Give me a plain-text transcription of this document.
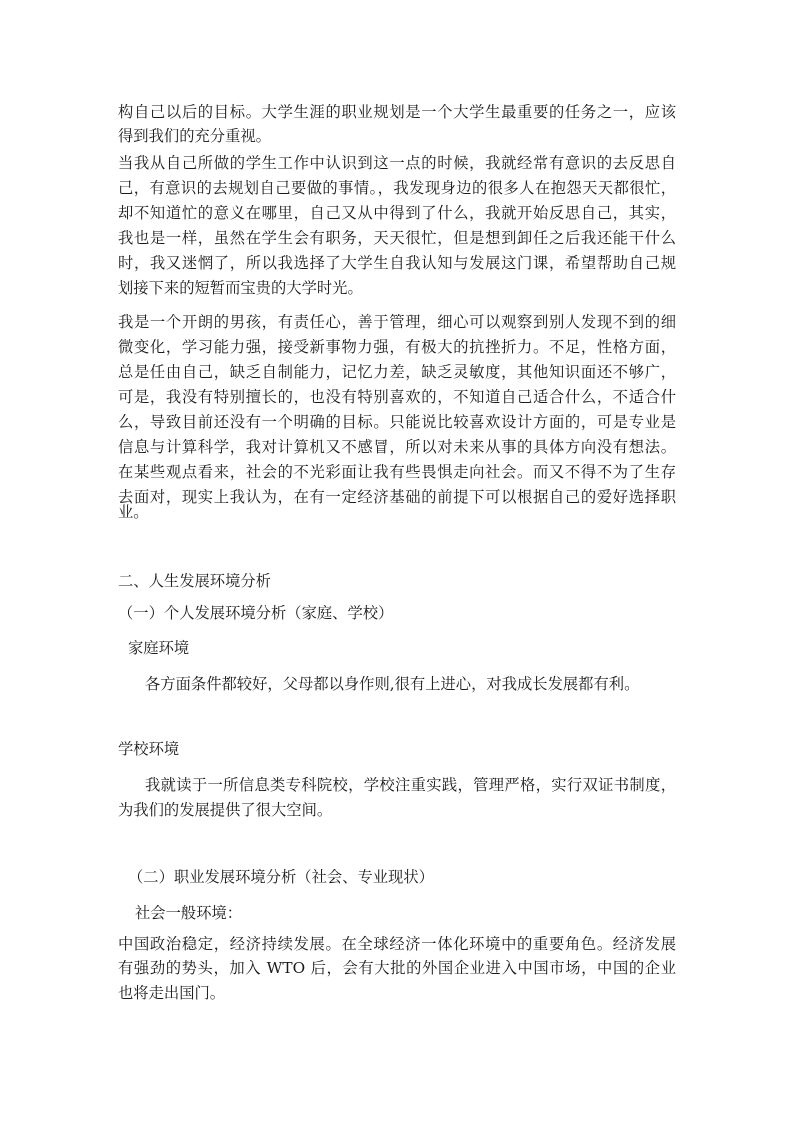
构自己以后的目标。大学生涯的职业规划是一个大学生最重要的任务之一，应该
得到我们的充分重视。
当我从自己所做的学生工作中认识到这一点的时候，我就经常有意识的去反思自
己，有意识的去规划自己要做的事情。，我发现身边的很多人在抱怨天天都很忙，
却不知道忙的意义在哪里，自己又从中得到了什么，我就开始反思自己，其实，
我也是一样，虽然在学生会有职务，天天很忙，但是想到卸任之后我还能干什么
时，我又迷惘了，所以我选择了大学生自我认知与发展这门课，希望帮助自己规
划接下来的短暂而宝贵的大学时光。
我是一个开朗的男孩，有责任心，善于管理，细心可以观察到别人发现不到的细
微变化，学习能力强，接受新事物力强，有极大的抗挫折力。不足，性格方面，
总是任由自己，缺乏自制能力，记忆力差，缺乏灵敏度，其他知识面还不够广，
可是，我没有特别擅长的，也没有特别喜欢的，不知道自己适合什么，不适合什
么，导致目前还没有一个明确的目标。只能说比较喜欢设计方面的，可是专业是
信息与计算科学，我对计算机又不感冒，所以对未来从事的具体方向没有想法。
在某些观点看来，社会的不光彩面让我有些畏惧走向社会。而又不得不为了生存
去面对，现实上我认为，在有一定经济基础的前提下可以根据自己的爱好选择职
业。
二、人生发展环境分析
（一）个人发展环境分析（家庭、学校）
家庭环境
各方面条件都较好，父母都以身作则,很有上进心，对我成长发展都有利。
学校环境
我就读于一所信息类专科院校，学校注重实践，管理严格，实行双证书制度，
为我们的发展提供了很大空间。
（二）职业发展环境分析（社会、专业现状）
社会一般环境：
中国政治稳定，经济持续发展。在全球经济一体化环境中的重要角色。经济发展
有强劲的势头，加入 WTO 后，会有大批的外国企业进入中国市场，中国的企业
也将走出国门。
